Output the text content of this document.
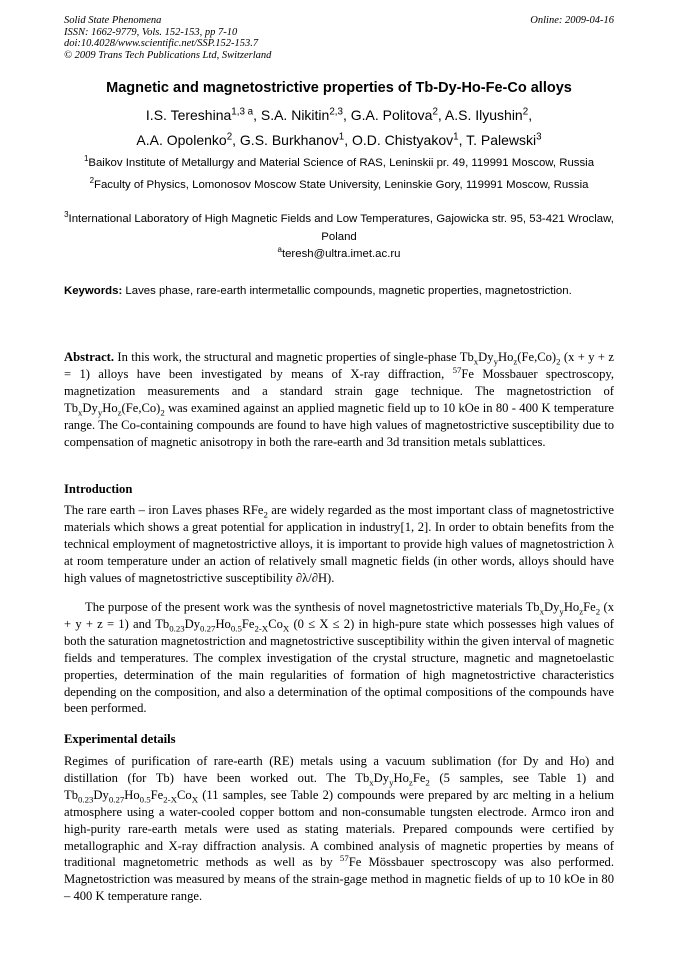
Solid State Phenomena
ISSN: 1662-9779, Vols. 152-153, pp 7-10
doi:10.4028/www.scientific.net/SSP.152-153.7
© 2009 Trans Tech Publications Ltd, Switzerland
Online: 2009-04-16
Magnetic and magnetostrictive properties of Tb-Dy-Ho-Fe-Co alloys
I.S. Tereshina$^{1,3 a}$, S.A. Nikitin$^{2,3}$, G.A. Politova$^2$, A.S. Ilyushin$^2$,
A.A. Opolenko$^2$, G.S. Burkhanov$^1$, O.D. Chistyakov$^1$, T. Palewski$^3$
$^1$Baikov Institute of Metallurgy and Material Science of RAS, Leninskii pr. 49, 119991 Moscow, Russia
$^2$Faculty of Physics, Lomonosov Moscow State University, Leninskie Gory, 119991 Moscow, Russia
$^3$International Laboratory of High Magnetic Fields and Low Temperatures, Gajowicka str. 95, 53-421 Wroclaw, Poland
$^a$teresh@ultra.imet.ac.ru
Keywords: Laves phase, rare-earth intermetallic compounds, magnetic properties, magnetostriction.
Abstract. In this work, the structural and magnetic properties of single-phase $Tb_xDy_yHo_z(Fe,Co)_2$ (x + y + z = 1) alloys have been investigated by means of X-ray diffraction, $^{57}$Fe Mossbauer spectroscopy, magnetization measurements and a standard strain gage technique. The magnetostriction of $Tb_xDy_yHo_z(Fe,Co)_2$ was examined against an applied magnetic field up to 10 kOe in 80 - 400 K temperature range. The Co-containing compounds are found to have high values of magnetostrictive susceptibility due to compensation of magnetic anisotropy in both the rare-earth and 3d transition metals sublattices.
Introduction
The rare earth – iron Laves phases RFe$_2$ are widely regarded as the most important class of magnetostrictive materials which shows a great potential for application in industry[1, 2]. In order to obtain benefits from the technical employment of magnetostrictive alloys, it is important to provide high values of magnetostriction λ at room temperature under an action of relatively small magnetic fields (in other words, alloys should have high values of magnetostrictive susceptibility ∂λ/∂H).
The purpose of the present work was the synthesis of novel magnetostrictive materials $Tb_xDy_yHo_zFe_2$ (x + y + z = 1) and $Tb_{0.23}Dy_{0.27}Ho_{0.5}Fe_{2-X}Co_X$ (0 ≤ X ≤ 2) in high-pure state which possesses high values of both the saturation magnetostriction and magnetostrictive susceptibility within the given interval of magnetic fields and temperatures. The complex investigation of the crystal structure, magnetic and magnetoelastic properties, determination of the main regularities of formation of high magnetostrictive characteristics depending on the composition, and also a determination of the optimal compositions of the compounds have been performed.
Experimental details
Regimes of purification of rare-earth (RE) metals using a vacuum sublimation (for Dy and Ho) and distillation (for Tb) have been worked out. The $Tb_xDy_yHo_zFe_2$ (5 samples, see Table 1) and $Tb_{0.23}Dy_{0.27}Ho_{0.5}Fe_{2-X}Co_X$ (11 samples, see Table 2) compounds were prepared by arc melting in a helium atmosphere using a water-cooled copper bottom and non-consumable tungsten electrode. Armco iron and high-purity rare-earth metals were used as stating materials. Prepared compounds were certified by metallographic and X-ray diffraction analysis. A combined analysis of magnetic properties by means of traditional magnetometric methods as well as by $^{57}$Fe Mössbauer spectroscopy was also performed. Magnetostriction was measured by means of the strain-gage method in magnetic fields of up to 10 kOe in 80 – 400 K temperature range.
